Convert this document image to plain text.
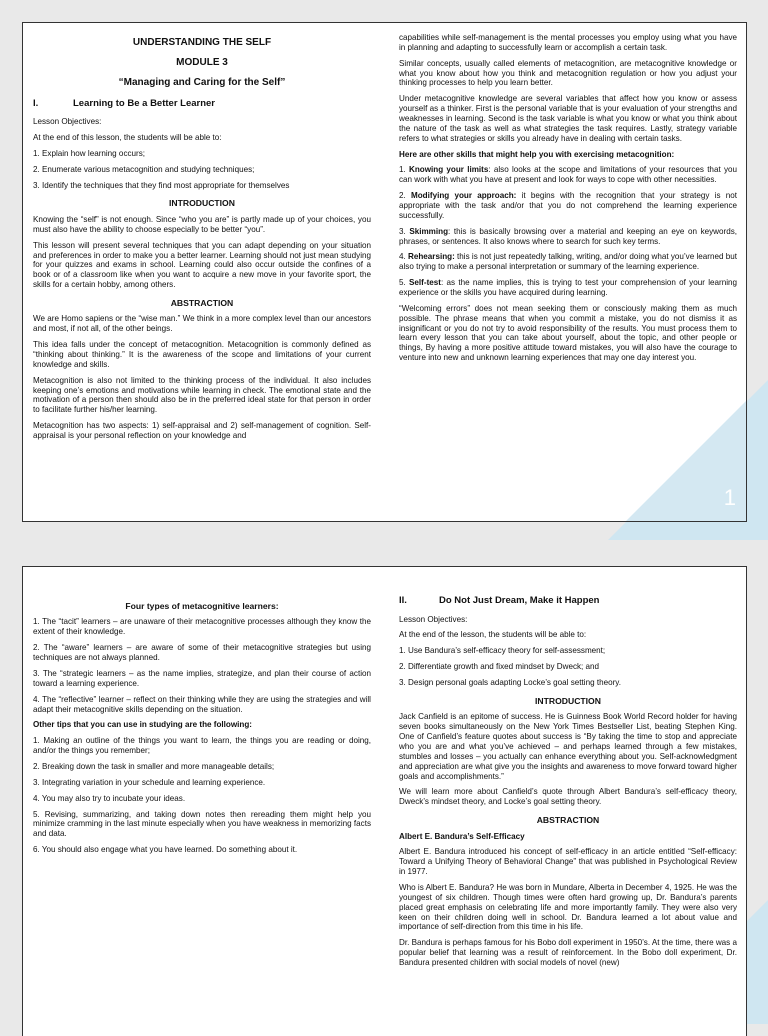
1
UNDERSTANDING THE SELF
MODULE 3
“Managing and Caring for the Self”
I.	Learning to Be a Better Learner

Lesson Objectives:

At the end of this lesson, the students will be able to:

1. Explain how learning occurs;

2. Enumerate various metacognition and studying techniques;

3. Identify the techniques that they find most appropriate for themselves

INTRODUCTION

Knowing the “self” is not enough. Since “who you are” is partly made up of your choices, you must also have the ability to choose especially to be better “you”.

This lesson will present several techniques that you can adapt depending on your situation and preferences in order to make you a better learner. Learning should not just mean studying for your quizzes and exams in school. Learning could also occur outside the confines of a book or of a classroom like when you want to acquire a new move in your favorite sport, the skills for a certain hobby, among others.

ABSTRACTION

We are Homo sapiens or the “wise man.” We think in a more complex level than our ancestors and most, if not all, of the other beings.

This idea falls under the concept of metacognition. Metacognition is commonly defined as “thinking about thinking.” It is the awareness of the scope and limitations of your current knowledge and skills.

Metacognition is also not limited to the thinking process of the individual. It also includes keeping one’s emotions and motivations while learning in check. The emotional state and the motivation of a person then should also be in the preferred ideal state for that person in order to facilitate further his/her learning.

Metacognition has two aspects: 1) self-appraisal and 2) self-management of cognition. Self-appraisal is your personal reflection on your knowledge and

capabilities while self-management is the mental processes you employ using what you have in planning and adapting to successfully learn or accomplish a certain task.

Similar concepts, usually called elements of metacognition, are metacognitive knowledge or what you know about how you think and metacognition regulation or how you adjust your thinking processes to help you learn better.

Under metacognitive knowledge are several variables that affect how you know or assess yourself as a thinker. First is the personal variable that is your evaluation of your strengths and weaknesses in learning. Second is the task variable is what you know or what you think about the nature of the task as well as what strategies the task requires. Lastly, strategy variable refers to what strategies or skills you already have in dealing with certain tasks.

Here are other skills that might help you with exercising metacognition:

1. Knowing your limits: also looks at the scope and limitations of your resources that you can work with what you have at present and look for ways to cope with other necessities.

2. Modifying your approach: it begins with the recognition that your strategy is not appropriate with the task and/or that you do not comprehend the learning experience successfully.

3. Skimming: this is basically browsing over a material and keeping an eye on keywords, phrases, or sentences. It also knows where to search for such key terms.

4. Rehearsing: this is not just repeatedly talking, writing, and/or doing what you’ve learned but also trying to make a personal interpretation or summary of the learning experience.

5. Self-test: as the name implies, this is trying to test your comprehension of your learning experience or the skills you have acquired during learning.

“Welcoming errors” does not mean seeking them or consciously making them as much possible. The phrase means that when you commit a mistake, you do not dismiss it as insignificant or you do not try to avoid responsibility of the results. You must process them to learn every lesson that you can take about yourself, about the topic, and other people or things, By having a more positive attitude toward mistakes, you will also have the courage to venture into new and unknown learning experiences that may one day interest you.

Four types of metacognitive learners:

1. The “tacit” learners – are unaware of their metacognitive processes although they know the extent of their knowledge.

2. The “aware” learners – are aware of some of their metacognitive strategies but using techniques are not always planned.

3. The “strategic learners – as the name implies, strategize, and plan their course of action toward a learning experience.

4. The “reflective” learner – reflect on their thinking while they are using the strategies and will adapt their metacognitive skills depending on the situation.

Other tips that you can use in studying are the following:

1. Making an outline of the things you want to learn, the things you are reading or doing, and/or the things you remember;

2. Breaking down the task in smaller and more manageable details;

3. Integrating variation in your schedule and learning experience.

4. You may also try to incubate your ideas.

5. Revising, summarizing, and taking down notes then rereading them might help you minimize cramming in the last minute especially when you have weakness in memorizing facts and data.

6. You should also engage what you have learned. Do something about it.

II.	Do Not Just Dream, Make it Happen

Lesson Objectives:

At the end of the lesson, the students will be able to:

1. Use Bandura’s self-efficacy theory for self-assessment;

2. Differentiate growth and fixed mindset by Dweck; and

3. Design personal goals adapting Locke’s goal setting theory.

INTRODUCTION

Jack Canfield is an epitome of success. He is Guinness Book World Record holder for having seven books simultaneously on the New York Times Bestseller List, beating Stephen King. One of Canfield’s feature quotes about success is “By taking the time to stop and appreciate who you are and what you’ve achieved – and perhaps learned through a few mistakes, stumbles and losses – you actually can enhance everything about you. Self-acknowledgment and appreciation are what give you the insights and awareness to move forward toward higher goals and accomplishments.”

We will learn more about Canfield’s quote through Albert Bandura’s self-efficacy theory, Dweck’s mindset theory, and Locke’s goal setting theory.

ABSTRACTION

Albert E. Bandura’s Self-Efficacy

Albert E. Bandura introduced his concept of self-efficacy in an article entitled “Self-efficacy: Toward a Unifying Theory of Behavioral Change” that was published in Psychological Review in 1977.

Who is Albert E. Bandura? He was born in Mundare, Alberta in December 4, 1925. He was the youngest of six children. Though times were often hard growing up, Dr. Bandura’s parents placed great emphasis on celebrating life and more importantly family. They were also very keen on their children doing well in school. Dr. Bandura learned a lot about value and importance of self-direction from this time in his life.

Dr. Bandura is perhaps famous for his Bobo doll experiment in 1950’s. At the time, there was a popular belief that learning was a result of reinforcement. In the Bobo doll experiment, Dr. Bandura presented children with social models of novel (new)
